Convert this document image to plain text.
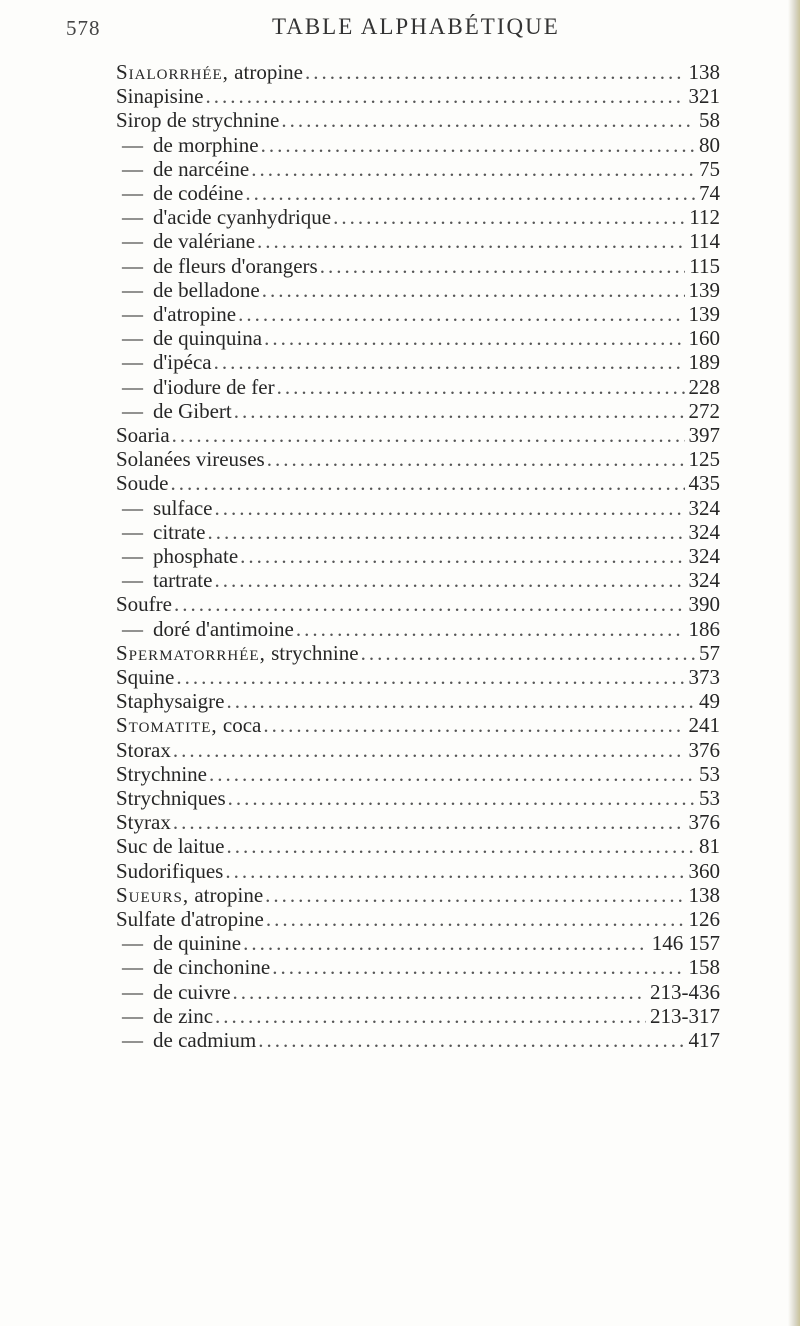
578	TABLE ALPHABÉTIQUE
Sialorrhée, atropine .....	138
Sinapisine .....	321
Sirop de strychnine .....	58
— de morphine .....	80
— de narcéine .....	75
— de codéine .....	74
— d'acide cyanhydrique .....	112
— de valériane .....	114
— de fleurs d'orangers .....	115
— de belladone .....	139
— d'atropine .....	139
— de quinquina .....	160
— d'ipéca .....	189
— d'iodure de fer .....	228
— de Gibert .....	272
Soaria .....	397
Solanées vireuses .....	125
Soude .....	435
— sulface .....	324
— citrate .....	324
— phosphate .....	324
— tartrate .....	324
Soufre .....	390
— doré d'antimoine .....	186
Spermatorrhée, strychnine .....	57
Squine .....	373
Staphysaigre .....	49
Stomatite, coca .....	241
Storax .....	376
Strychnine .....	53
Strychniques .....	53
Styrax .....	376
Suc de laitue .....	81
Sudorifiques .....	360
Sueurs, atropine .....	138
Sulfate d'atropine .....	126
— de quinine .....	146 157
— de cinchonine .....	158
— de cuivre .....	213-436
— de zinc .....	213-317
— de cadmium .....	417
